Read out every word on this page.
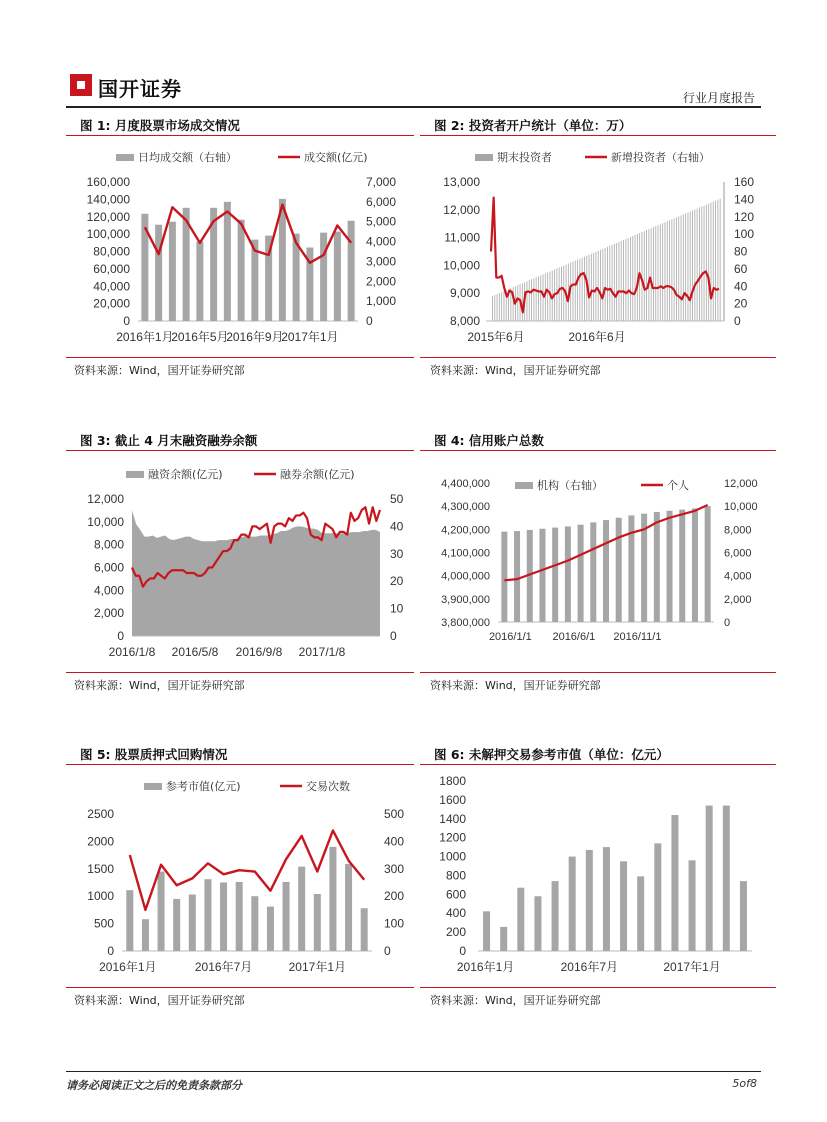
国开证券	行业月度报告
图 1: 月度股票市场成交情况	图 2: 投资者开户统计（单位：万）
资料来源：Wind，国开证券研究部	资料来源：Wind，国开证券研究部
图 3: 截止 4 月末融资融券余额	图 4: 信用账户总数
资料来源：Wind，国开证券研究部	资料来源：Wind，国开证券研究部
图 5: 股票质押式回购情况	图 6: 未解押交易参考市值（单位：亿元）
资料来源：Wind，国开证券研究部	资料来源：Wind，国开证券研究部
日均成交额（右轴）	成交额(亿元)
0
20,000
40,000
60,000
80,000
100,000
120,000
140,000
160,000
0
1,000
2,000
3,000
4,000
5,000
6,000
7,000
2016年1月
2016年5月
2016年9月
2017年1月
期末投资者	新增投资者（右轴）
8,000
9,000
10,000
11,000
12,000
13,000
0
20
40
60
80
100
120
140
160
2015年6月	2016年6月
融资余额(亿元)	融券余额(亿元)
0
2,000
4,000
6,000
8,000
10,000
12,000
0
10
20
30
40
50
2016/1/8 2016/5/8 2016/9/8 2017/1/8
机构（右轴）	个人
3,800,000
3,900,000
4,000,000
4,100,000
4,200,000
4,300,000
4,400,000
0
2,000
4,000
6,000
8,000
10,000
12,000
2016/1/1 2016/6/1 2016/11/1
参考市值(亿元)	交易次数
0
500
1000
1500
2000
2500
0
100
200
300
400
500
2016年1月	2016年7月	2017年1月
0
200
400
600
800
1000
1200
1400
1600
1800
2016年1月	2016年7月	2017年1月
请务必阅读正文之后的免责条款部分	5of8
